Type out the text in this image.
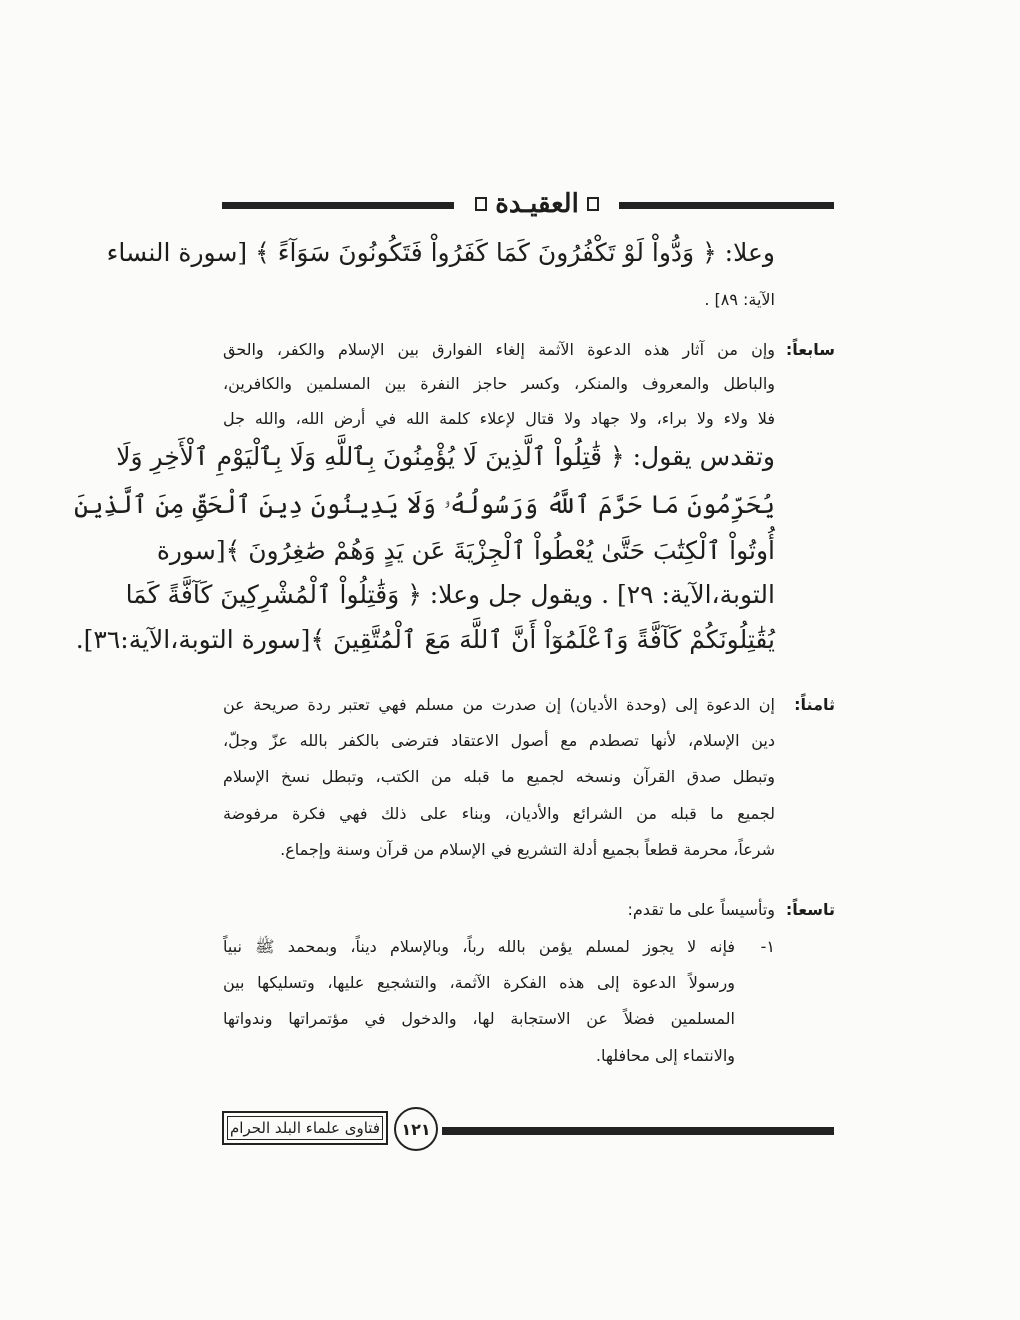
العقيـدة
وعلا: ﴿ وَدُّواْ لَوْ تَكْفُرُونَ كَمَا كَفَرُواْ فَتَكُونُونَ سَوَآءً ﴾ [سورة النساء
الآية: ٨٩] .
سابعاً:
وإن من آثار هذه الدعوة الآثمة إلغاء الفوارق بين الإسلام والكفر، والحق
والباطل والمعروف والمنكر، وكسر حاجز النفرة بين المسلمين والكافرين،
فلا ولاء ولا براء، ولا جهاد ولا قتال لإعلاء كلمة الله في أرض الله، والله جل
وتقدس يقول: ﴿ قَٰتِلُواْ ٱلَّذِينَ لَا يُؤْمِنُونَ بِٱللَّهِ وَلَا بِٱلْيَوْمِ ٱلْأَخِرِ وَلَا
يُحَرِّمُونَ مَا حَرَّمَ ٱللَّهُ وَرَسُولُهُۥ وَلَا يَدِينُونَ دِينَ ٱلْحَقِّ مِنَ ٱلَّذِينَ
أُوتُواْ ٱلْكِتَٰبَ حَتَّىٰ يُعْطُواْ ٱلْجِزْيَةَ عَن يَدٍ وَهُمْ صَٰغِرُونَ ﴾[سورة
التوبة،الآية: ٢٩] . ويقول جل وعلا: ﴿ وَقَٰتِلُواْ ٱلْمُشْرِكِينَ كَآفَّةً كَمَا
يُقَٰتِلُونَكُمْ كَآفَّةً وَٱعْلَمُوٓاْ أَنَّ ٱللَّهَ مَعَ ٱلْمُتَّقِينَ ﴾[سورة التوبة،الآية:٣٦].
ثامناً:
إن الدعوة إلى (وحدة الأديان) إن صدرت من مسلم فهي تعتبر ردة صريحة عن
دين الإسلام، لأنها تصطدم مع أصول الاعتقاد فترضى بالكفر بالله عزّ وجلّ،
وتبطل صدق القرآن ونسخه لجميع ما قبله من الكتب، وتبطل نسخ الإسلام
لجميع ما قبله من الشرائع والأديان، وبناء على ذلك فهي فكرة مرفوضة
شرعاً، محرمة قطعاً بجميع أدلة التشريع في الإسلام من قرآن وسنة وإجماع.
تاسعاً:
وتأسيساً على ما تقدم:
١-
فإنه لا يجوز لمسلم يؤمن بالله رباً، وبالإسلام ديناً، وبمحمد ﷺ نبياً
ورسولاً الدعوة إلى هذه الفكرة الآثمة، والتشجيع عليها، وتسليكها بين
المسلمين فضلاً عن الاستجابة لها، والدخول في مؤتمراتها وندواتها
والانتماء إلى محافلها.
فتاوى علماء البلد الحرام	١٢١
